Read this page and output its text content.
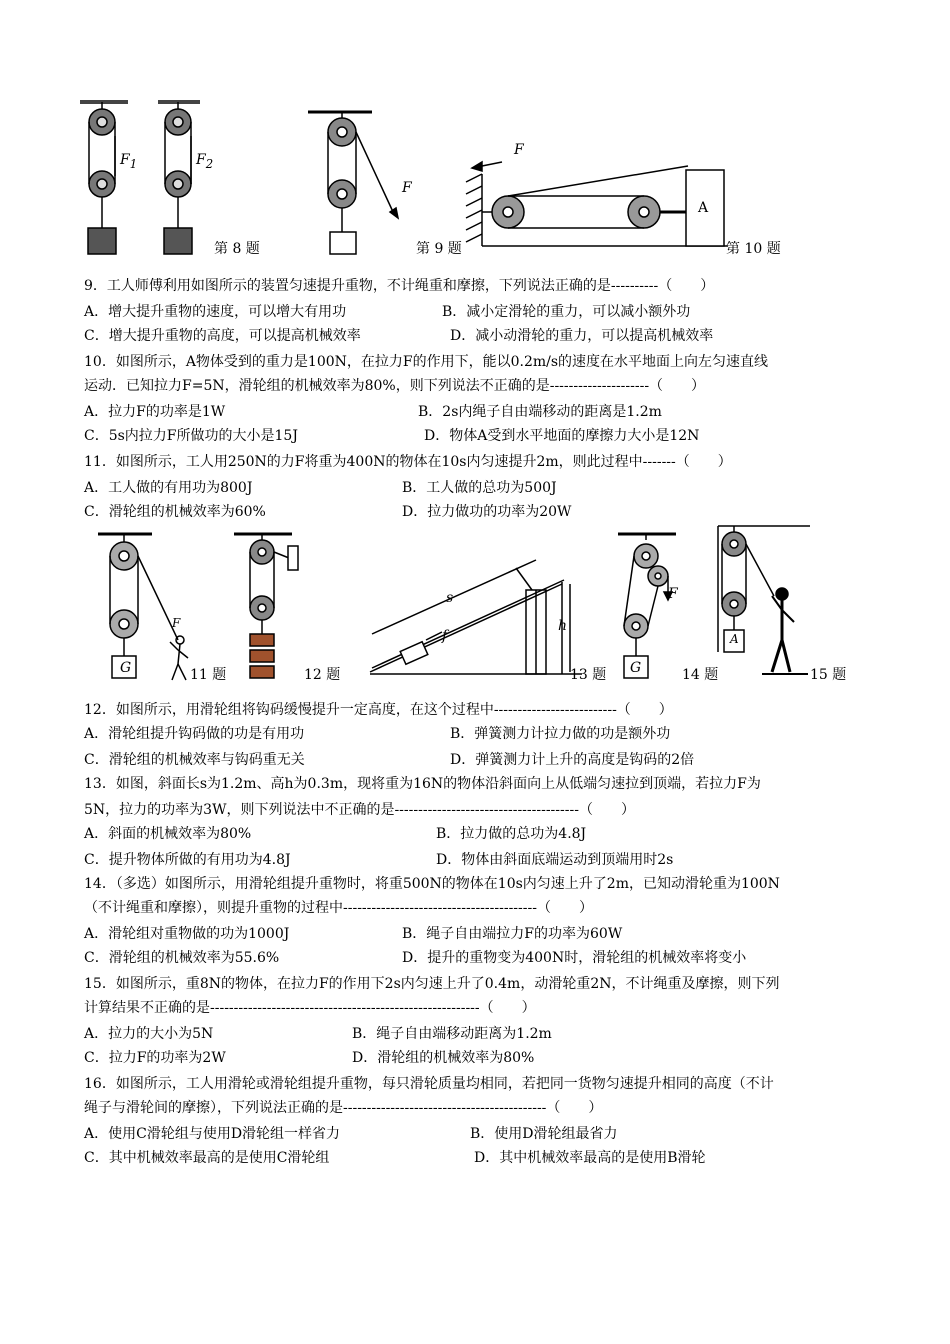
$F_1$	$F_2$
第 8 题
F
第 9 题
F
A
第 10 题
9．工人师傅利用如图所示的装置匀速提升重物，不计绳重和摩擦，下列说法正确的是----------（　　）
A．增大提升重物的速度，可以增大有用功	B．减小定滑轮的重力，可以减小额外功
C．增大提升重物的高度，可以提高机械效率	D．减小动滑轮的重力，可以提高机械效率
10．如图所示，A物体受到的重力是100N，在拉力F的作用下，能以0.2m/s的速度在水平地面上向左匀速直线
运动．已知拉力F=5N，滑轮组的机械效率为80%，则下列说法不正确的是---------------------（　　）
A．拉力F的功率是1W	B．2s内绳子自由端移动的距离是1.2m
C．5s内拉力F所做功的大小是15J	D．物体A受到水平地面的摩擦力大小是12N
11．如图所示，工人用250N的力F将重为400N的物体在10s内匀速提升2m，则此过程中-------（　　）
A．工人做的有用功为800J	B．工人做的总功为500J
C．滑轮组的机械效率为60%	D．拉力做功的功率为20W
G
F
11 题	12 题
s
f
h
13 题 G
F
14 题
A
15 题
12．如图所示，用滑轮组将钩码缓慢提升一定高度，在这个过程中--------------------------（　　）
A．滑轮组提升钩码做的功是有用功	B．弹簧测力计拉力做的功是额外功
C．滑轮组的机械效率与钩码重无关	D．弹簧测力计上升的高度是钩码的2倍
13．如图，斜面长s为1.2m、高h为0.3m，现将重为16N的物体沿斜面向上从低端匀速拉到顶端，若拉力F为
5N，拉力的功率为3W，则下列说法中不正确的是---------------------------------------（　　）
A．斜面的机械效率为80%	B．拉力做的总功为4.8J
C．提升物体所做的有用功为4.8J	D．物体由斜面底端运动到顶端用时2s
14．（多选）如图所示，用滑轮组提升重物时，将重500N的物体在10s内匀速上升了2m，已知动滑轮重为100N
（不计绳重和摩擦），则提升重物的过程中-----------------------------------------（　　）
A．滑轮组对重物做的功为1000J	B．绳子自由端拉力F的功率为60W
C．滑轮组的机械效率为55.6%	D．提升的重物变为400N时，滑轮组的机械效率将变小
15．如图所示，重8N的物体，在拉力F的作用下2s内匀速上升了0.4m，动滑轮重2N，不计绳重及摩擦，则下列
计算结果不正确的是---------------------------------------------------------（　　）
A．拉力的大小为5N	B．绳子自由端移动距离为1.2m
C．拉力F的功率为2W	D．滑轮组的机械效率为80%
16．如图所示，工人用滑轮或滑轮组提升重物，每只滑轮质量均相同，若把同一货物匀速提升相同的高度（不计
绳子与滑轮间的摩擦），下列说法正确的是-------------------------------------------（　　）
A．使用C滑轮组与使用D滑轮组一样省力	B．使用D滑轮组最省力
C．其中机械效率最高的是使用C滑轮组	D．其中机械效率最高的是使用B滑轮
